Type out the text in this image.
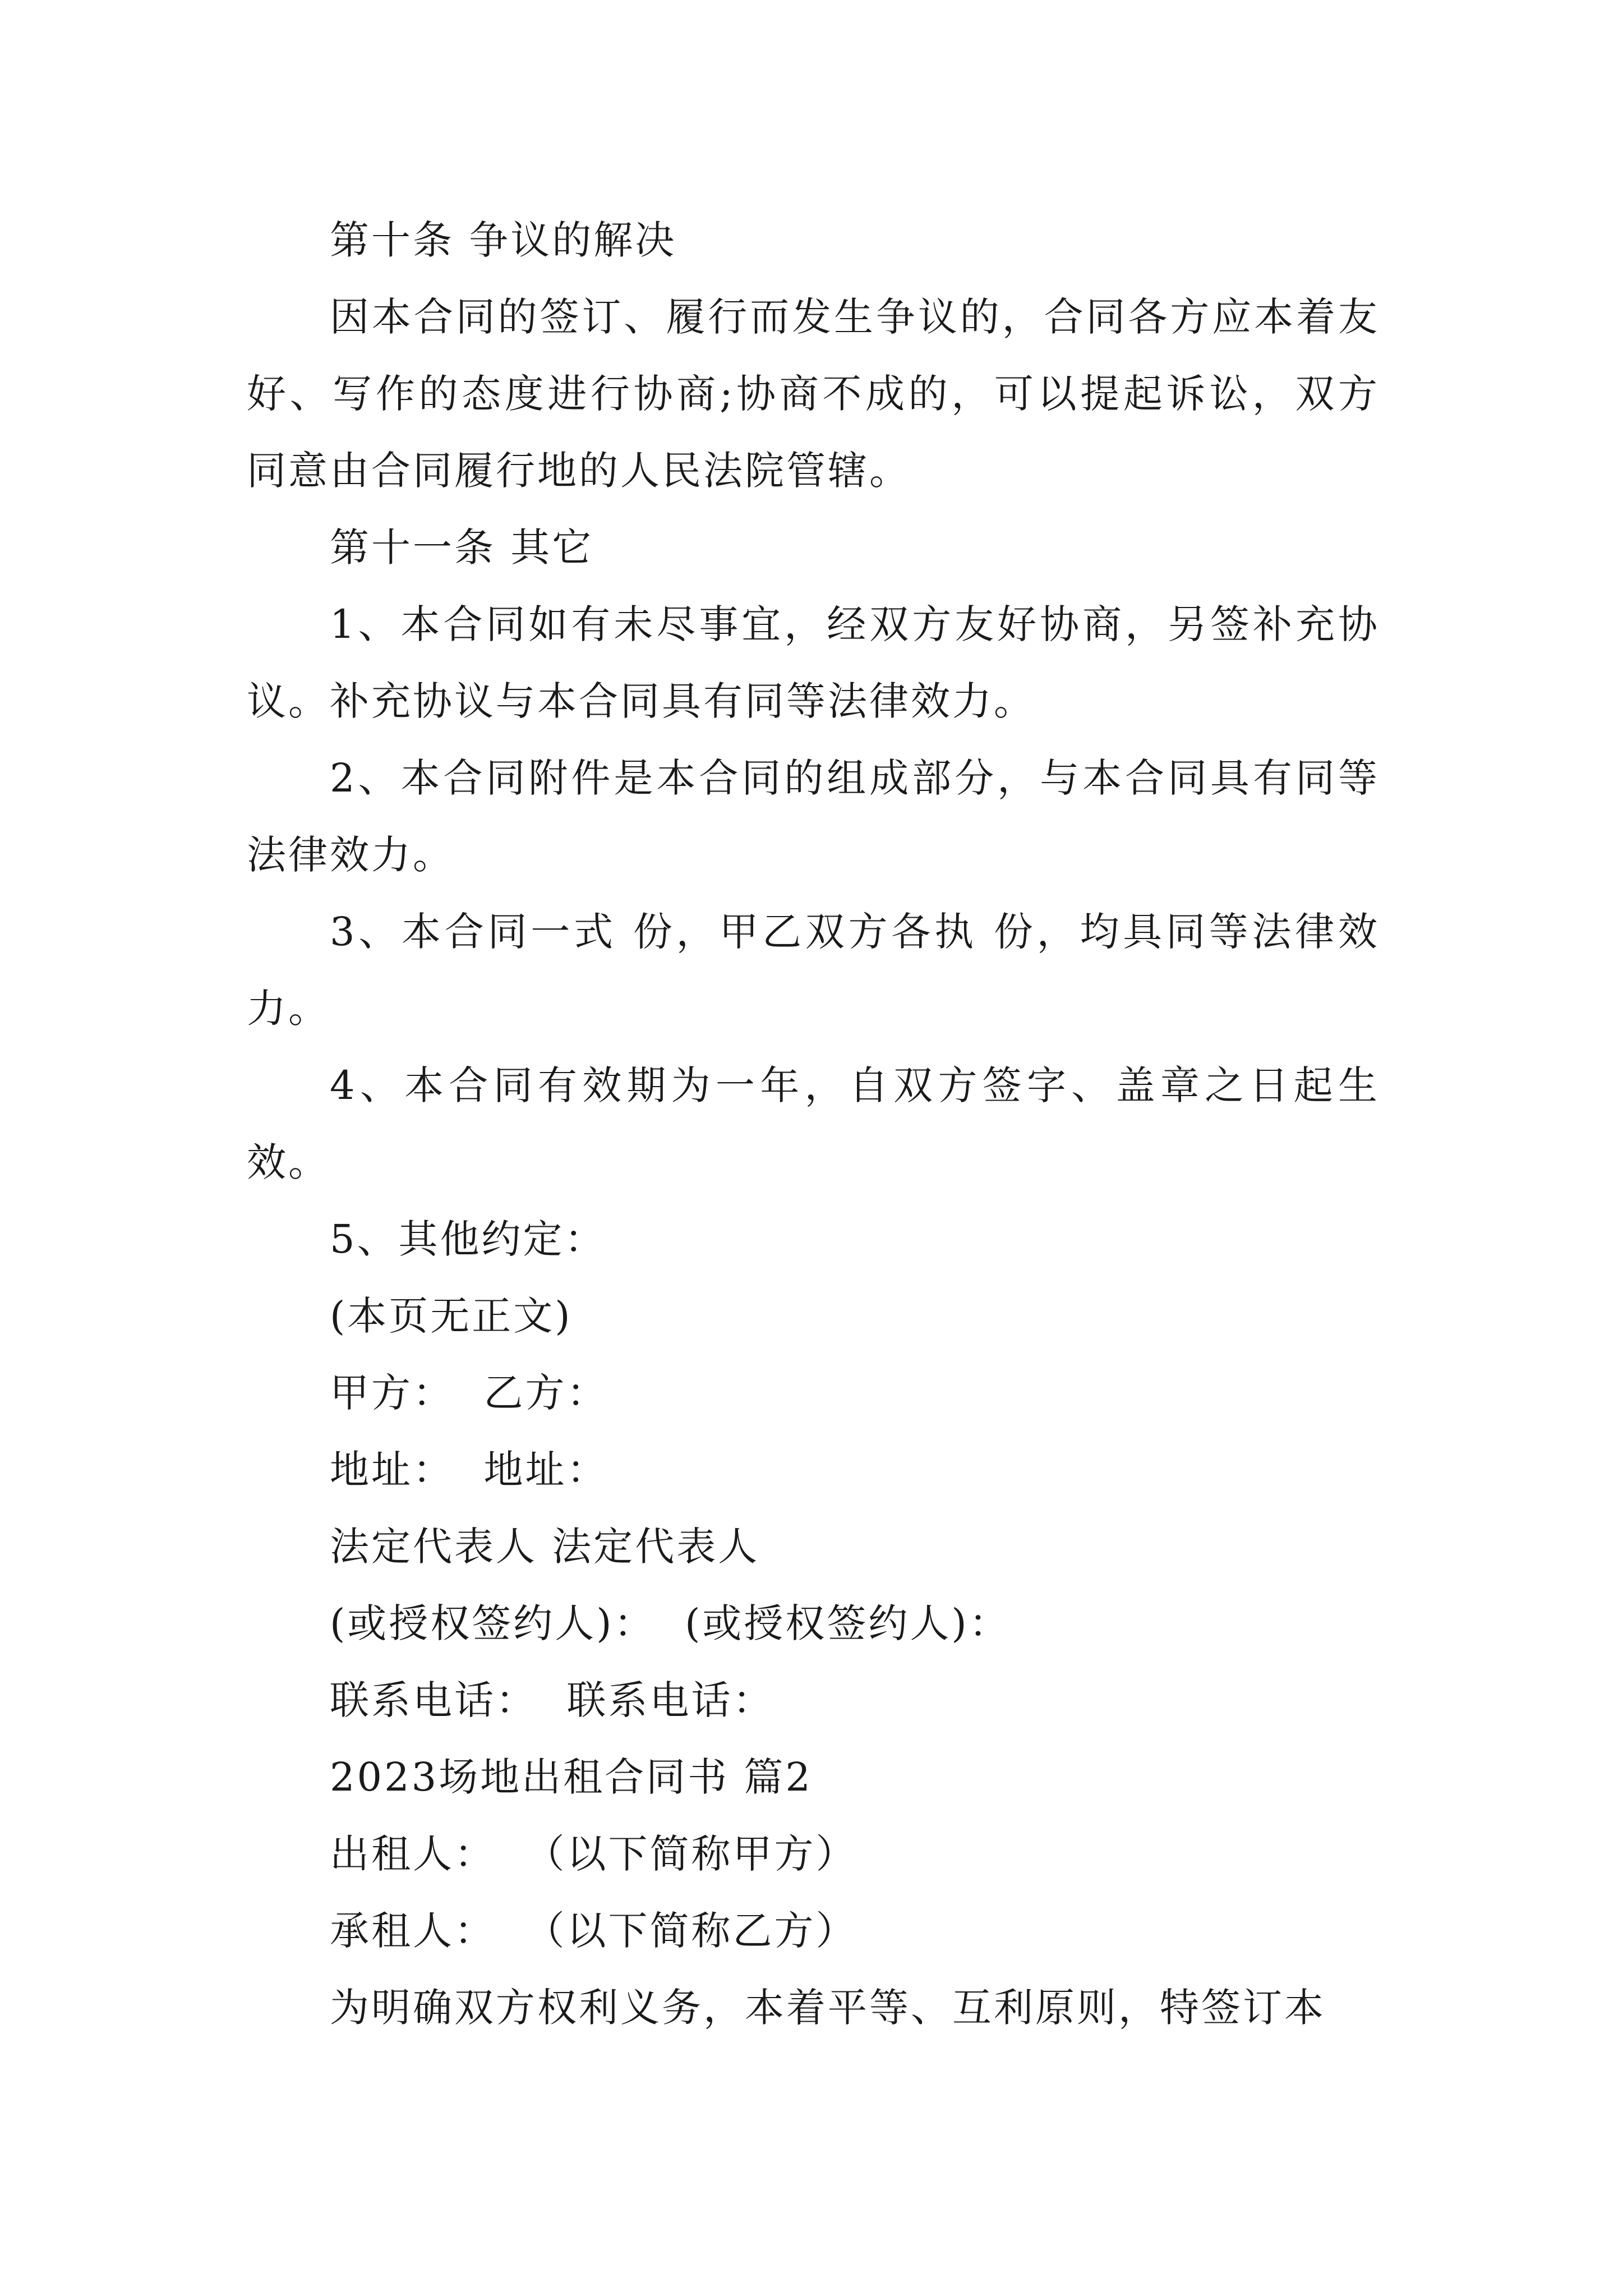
第十条 争议的解决

因本合同的签订、履行而发生争议的，合同各方应本着友好、写作的态度进行协商;协商不成的，可以提起诉讼，双方同意由合同履行地的人民法院管辖。

第十一条 其它

1、本合同如有未尽事宜，经双方友好协商，另签补充协议。补充协议与本合同具有同等法律效力。

2、本合同附件是本合同的组成部分，与本合同具有同等法律效力。

3、本合同一式 份，甲乙双方各执 份，均具同等法律效力。

4、本合同有效期为一年，自双方签字、盖章之日起生效。

5、其他约定：

(本页无正文)

甲方：  乙方：

地址：  地址：

法定代表人 法定代表人

(或授权签约人)：  (或授权签约人)：

联系电话：  联系电话：

2023场地出租合同书 篇2

出租人：  （以下简称甲方）

承租人：  （以下简称乙方）

为明确双方权利义务，本着平等、互利原则，特签订本
